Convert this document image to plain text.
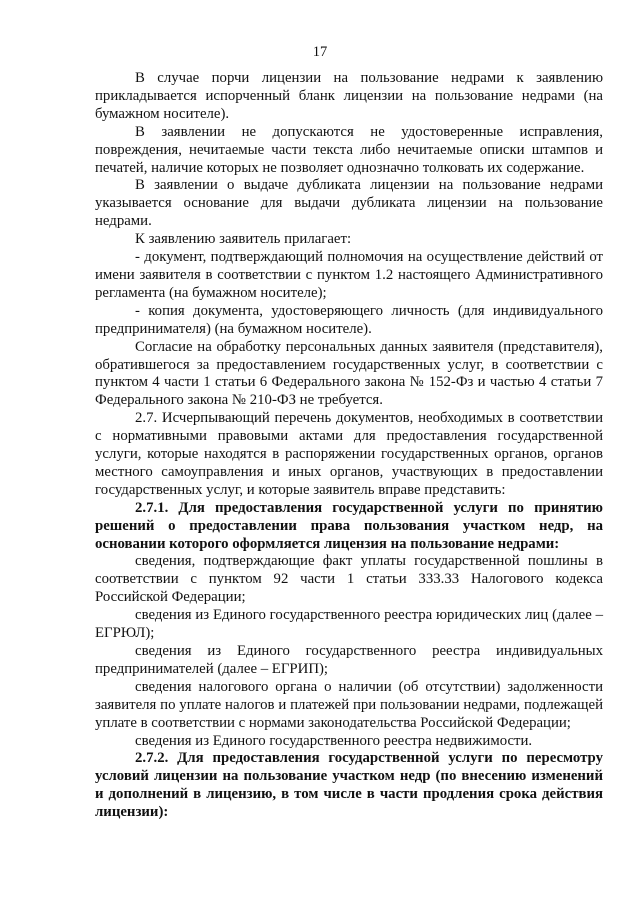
17

В случае порчи лицензии на пользование недрами к заявлению прикладывается испорченный бланк лицензии на пользование недрами (на бумажном носителе).

В заявлении не допускаются не удостоверенные исправления, повреждения, нечитаемые части текста либо нечитаемые описки штампов и печатей, наличие которых не позволяет однозначно толковать их содержание.

В заявлении о выдаче дубликата лицензии на пользование недрами указывается основание для выдачи дубликата лицензии на пользование недрами.

К заявлению заявитель прилагает:

- документ, подтверждающий полномочия на осуществление действий от имени заявителя в соответствии с пунктом 1.2 настоящего Административного регламента (на бумажном носителе);

- копия документа, удостоверяющего личность (для индивидуального предпринимателя) (на бумажном носителе).

Согласие на обработку персональных данных заявителя (представителя), обратившегося за предоставлением государственных услуг, в соответствии с пунктом 4 части 1 статьи 6 Федерального закона № 152-Фз и частью 4 статьи 7 Федерального закона № 210-ФЗ не требуется.

2.7. Исчерпывающий перечень документов, необходимых в соответствии с нормативными правовыми актами для предоставления государственной услуги, которые находятся в распоряжении государственных органов, органов местного самоуправления и иных органов, участвующих в предоставлении государственных услуг, и которые заявитель вправе представить:

2.7.1. Для предоставления государственной услуги по принятию решений о предоставлении права пользования участком недр, на основании которого оформляется лицензия на пользование недрами:

сведения, подтверждающие факт уплаты государственной пошлины в соответствии с пунктом 92 части 1 статьи 333.33 Налогового кодекса Российской Федерации;

сведения из Единого государственного реестра юридических лиц (далее – ЕГРЮЛ);

сведения из Единого государственного реестра индивидуальных предпринимателей (далее – ЕГРИП);

сведения налогового органа о наличии (об отсутствии) задолженности заявителя по уплате налогов и платежей при пользовании недрами, подлежащей уплате в соответствии с нормами законодательства Российской Федерации;

сведения из Единого государственного реестра недвижимости.

2.7.2. Для предоставления государственной услуги по пересмотру условий лицензии на пользование участком недр (по внесению изменений и дополнений в лицензию, в том числе в части продления срока действия лицензии):
